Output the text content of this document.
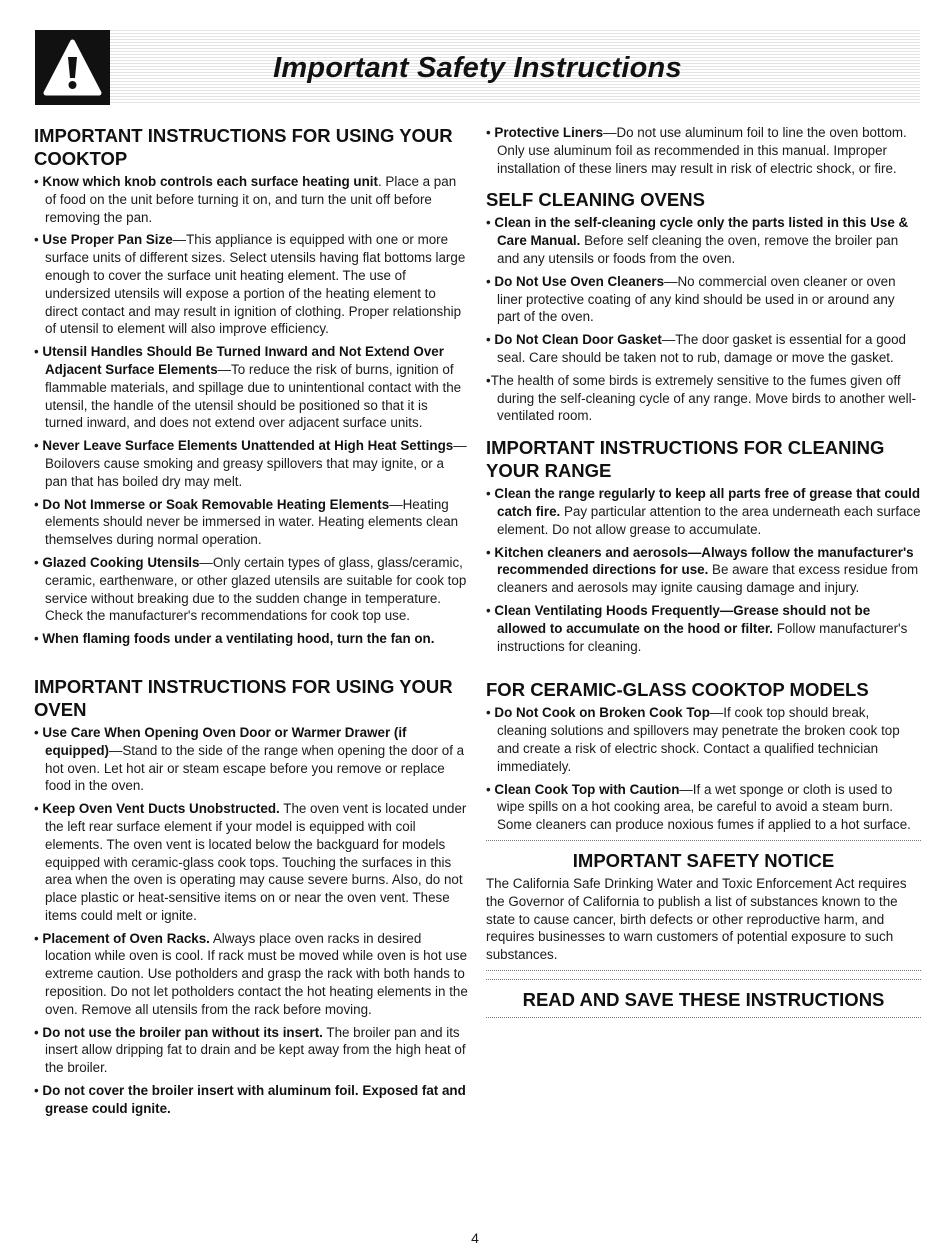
Important Safety Instructions
IMPORTANT INSTRUCTIONS FOR USING YOUR COOKTOP

• Know which knob controls each surface heating unit. Place a pan of food on the unit before turning it on, and turn the unit off before removing the pan.

• Use Proper Pan Size—This appliance is equipped with one or more surface units of different sizes. Select utensils having flat bottoms large enough to cover the surface unit heating element. The use of undersized utensils will expose a portion of the heating element to direct contact and may result in ignition of clothing. Proper relationship of utensil to element will also improve efficiency.

• Utensil Handles Should Be Turned Inward and Not Extend Over Adjacent Surface Elements—To reduce the risk of burns, ignition of flammable materials, and spillage due to unintentional contact with the utensil, the handle of the utensil should be positioned so that it is turned inward, and does not extend over adjacent surface units.

• Never Leave Surface Elements Unattended at High Heat Settings—Boilovers cause smoking and greasy spillovers that may ignite, or a pan that has boiled dry may melt.

• Do Not Immerse or Soak Removable Heating Elements—Heating elements should never be immersed in water. Heating elements clean themselves during normal operation.

• Glazed Cooking Utensils—Only certain types of glass, glass/ceramic, ceramic, earthenware, or other glazed utensils are suitable for cook top service without breaking due to the sudden change in temperature. Check the manufacturer's recommendations for cook top use.

• When flaming foods under a ventilating hood, turn the fan on.

IMPORTANT INSTRUCTIONS FOR USING YOUR OVEN

• Use Care When Opening Oven Door or Warmer Drawer (if equipped)—Stand to the side of the range when opening the door of a hot oven. Let hot air or steam escape before you remove or replace food in the oven.

• Keep Oven Vent Ducts Unobstructed. The oven vent is located under the left rear surface element if your model is equipped with coil elements. The oven vent is located below the backguard for models equipped with ceramic-glass cook tops. Touching the surfaces in this area when the oven is operating may cause severe burns. Also, do not place plastic or heat-sensitive items on or near the oven vent. These items could melt or ignite.

• Placement of Oven Racks. Always place oven racks in desired location while oven is cool. If rack must be moved while oven is hot use extreme caution. Use potholders and grasp the rack with both hands to reposition. Do not let potholders contact the hot heating elements in the oven. Remove all utensils from the rack before moving.

• Do not use the broiler pan without its insert. The broiler pan and its insert allow dripping fat to drain and be kept away from the high heat of the broiler.

• Do not cover the broiler insert with aluminum foil. Exposed fat and grease could ignite.

• Protective Liners—Do not use aluminum foil to line the oven bottom. Only use aluminum foil as recommended in this manual. Improper installation of these liners may result in risk of electric shock, or fire.

SELF CLEANING OVENS

• Clean in the self-cleaning cycle only the parts listed in this Use & Care Manual. Before self cleaning the oven, remove the broiler pan and any utensils or foods from the oven.

• Do Not Use Oven Cleaners—No commercial oven cleaner or oven liner protective coating of any kind should be used in or around any part of the oven.

• Do Not Clean Door Gasket—The door gasket is essential for a good seal. Care should be taken not to rub, damage or move the gasket.

•The health of some birds is extremely sensitive to the fumes given off during the self-cleaning cycle of any range. Move birds to another well-ventilated room.

IMPORTANT INSTRUCTIONS FOR CLEANING YOUR RANGE

• Clean the range regularly to keep all parts free of grease that could catch fire. Pay particular attention to the area underneath each surface element. Do not allow grease to accumulate.

• Kitchen cleaners and aerosols—Always follow the manufacturer's recommended directions for use. Be aware that excess residue from cleaners and aerosols may ignite causing damage and injury.

• Clean Ventilating Hoods Frequently—Grease should not be allowed to accumulate on the hood or filter. Follow manufacturer's instructions for cleaning.

FOR CERAMIC-GLASS COOKTOP MODELS

• Do Not Cook on Broken Cook Top—If cook top should break, cleaning solutions and spillovers may penetrate the broken cook top and create a risk of electric shock. Contact a qualified technician immediately.

• Clean Cook Top with Caution—If a wet sponge or cloth is used to wipe spills on a hot cooking area, be careful to avoid a steam burn. Some cleaners can produce noxious fumes if applied to a hot surface.

IMPORTANT SAFETY NOTICE

The California Safe Drinking Water and Toxic Enforcement Act requires the Governor of California to publish a list of substances known to the state to cause cancer, birth defects or other reproductive harm, and requires businesses to warn customers of potential exposure to such substances.

READ AND SAVE THESE INSTRUCTIONS
4
